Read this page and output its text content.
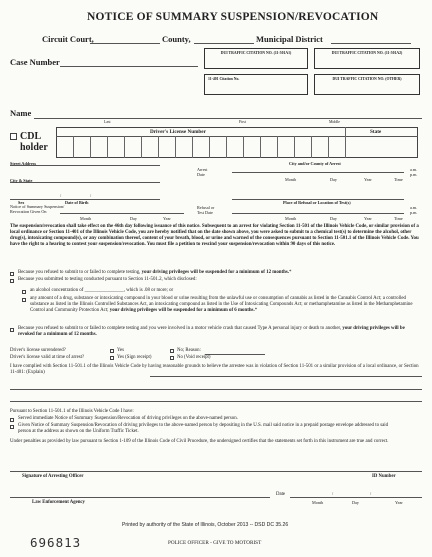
NOTICE OF SUMMARY SUSPENSION/REVOCATION
Circuit Court,	County,	Municipal District
Case Number
DUI TRAFFIC CITATION NO. (11-501A1)	DUI TRAFFIC CITATION NO. (11-501A2)
11-401 Citation No.	DUI TRAFFIC CITATION NO. (OTHER)
Name
Last	First	Middle
CDL
holder
Driver's License Number	State
Street Address	City and/or County of Arrest
Arrest
Date
a.m.
p.m.
Month	Day	Year	Time
City & State
/	/
Sex	Date of Birth	Place of Refusal or Location of Test(s)
Notice of Summary Suspension/
Revocation Given On
Month	Day	Year
Refusal or
Test Date
a.m.
p.m.
Month	Day	Year	Time
The suspension/revocation shall take effect on the 46th day following issuance of this notice. Subsequent to an arrest for violating Section 11-501 of the Illinois Vehicle Code, or similar provision of a local ordinance or Section 11-401 of the Illinois Vehicle Code, you are hereby notified that on the date shown above, you were asked to submit to a chemical test(s) to determine the alcohol, other drug(s), intoxicating compound(s), or any combination thereof, content of your breath, blood, or urine and warned of the consequences pursuant to Section 11-501.1 of the Illinois Vehicle Code. You have the right to a hearing to contest your suspension/revocation. You must file a petition to rescind your suspension/revocation within 90 days of this notice.
Because you refused to submit to or failed to complete testing, your driving privileges will be suspended for a minimum of 12 months.*
Because you submitted to testing conducted pursuant to Section 11-501.2, which disclosed:
an alcohol concentration of ________________, which is .08 or more; or
any amount of a drug, substance or intoxicating compound in your blood or urine resulting from the unlawful use or consumption of cannabis as listed in the Cannabis Control Act; a controlled substance as listed in the Illinois Controlled Substances Act, an intoxicating compound as listed in the Use of Intoxicating Compounds Act; or methamphetamine as listed in the Methamphetamine Control and Community Protection Act; your driving privileges will be suspended for a minimum of 6 months.*
Because you refused to submit to or failed to complete testing and you were involved in a motor vehicle crash that caused Type A personal injury or death to another, your driving privileges will be revoked for a minimum of 12 months.
Driver's license surrendered?	Yes	No; Reason:
Driver's license valid at time of arrest?	Yes (Sign receipt)	No (Void receipt)
I have complied with Section 11-501.1 of the Illinois Vehicle Code by having reasonable grounds to believe the arrestee was in violation of Section 11-501 or a similar provision of a local ordinance, or Section 11-401: (Explain)
Pursuant to Section 11-501.1 of the Illinois Vehicle Code I have:
Served immediate Notice of Summary Suspension/Revocation of driving privileges on the above-named person.
Given Notice of Summary Suspension/Revocation of driving privileges to the above-named person by depositing in the U.S. mail said notice in a prepaid postage envelope addressed to said person at the address as shown on the Uniform Traffic Ticket.
Under penalties as provided by law pursuant to Section 1-109 of the Illinois Code of Civil Procedure, the undersigned certifies that the statements set forth in this instrument are true and correct.
Signature of Arresting Officer	ID Number
Date	/	/
Law Enforcement Agency	Month	Day	Year
Printed by authority of the State of Illinois, October 2013 -- DSD DC 35.26
696813	POLICE OFFICER - GIVE TO MOTORIST
